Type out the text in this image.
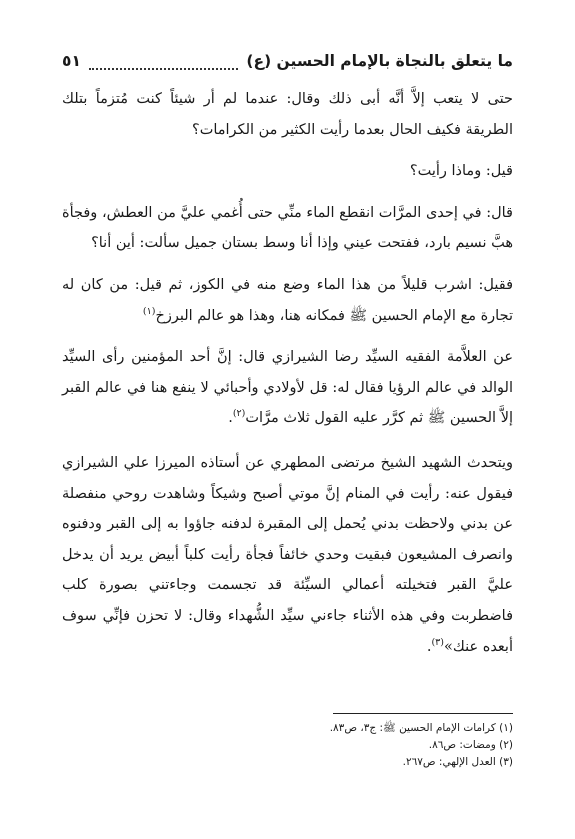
ما يتعلق بالنجاة بالإمام الحسين (ع)
٥١

حتى لا يتعب إلاَّ أنَّه أبى ذلك وقال: عندما لم أر شيئاً كنت مُتزماً بتلك الطريقة فكيف الحال بعدما رأيت الكثير من الكرامات؟

قيل: وماذا رأيت؟

قال: في إحدى المرَّات انقطع الماء منِّي حتى أُغمي عليَّ من العطش، وفجأة هبَّ نسيم بارد، ففتحت عيني وإذا أنا وسط بستان جميل سألت: أين أنا؟

فقيل: اشرب قليلاً من هذا الماء وضع منه في الكوز، ثم قيل: من كان له تجارة مع الإمام الحسين ﷺ فمكانه هنا، وهذا هو عالم البرزخ$^{(١)}$

عن العلاَّمة الفقيه السيِّد رضا الشيرازي قال: إنَّ أحد المؤمنين رأى السيِّد الوالد في عالم الرؤيا فقال له: قل لأولادي وأحبائي لا ينفع هنا في عالم القبر إلاَّ الحسين ﷺ ثم كرَّر عليه القول ثلاث مرَّات$^{(٢)}$.

ويتحدث الشهيد الشيخ مرتضى المطهري عن أستاذه الميرزا علي الشيرازي فيقول عنه: رأيت في المنام إنَّ موتي أصبح وشيكاً وشاهدت روحي منفصلة عن بدني ولاحظت بدني يُحمل إلى المقبرة لدفنه جاؤوا به إلى القبر ودفنوه وانصرف المشيعون فبقيت وحدي خائفاً فجأة رأيت كلباً أبيض يريد أن يدخل عليَّ القبر فتخيلته أعمالي السيِّئة قد تجسمت وجاءتني بصورة كلب فاضطربت وفي هذه الأثناء جاءني سيِّد الشُّهداء وقال: لا تحزن فإنِّي سوف أبعده عنك»$^{(٣)}$.

(١) كرامات الإمام الحسين ﷺ: ج٣، ص٨٣.
(٢) ومضات: ص٨٦.
(٣) العدل الإلهي: ص٢٦٧.
